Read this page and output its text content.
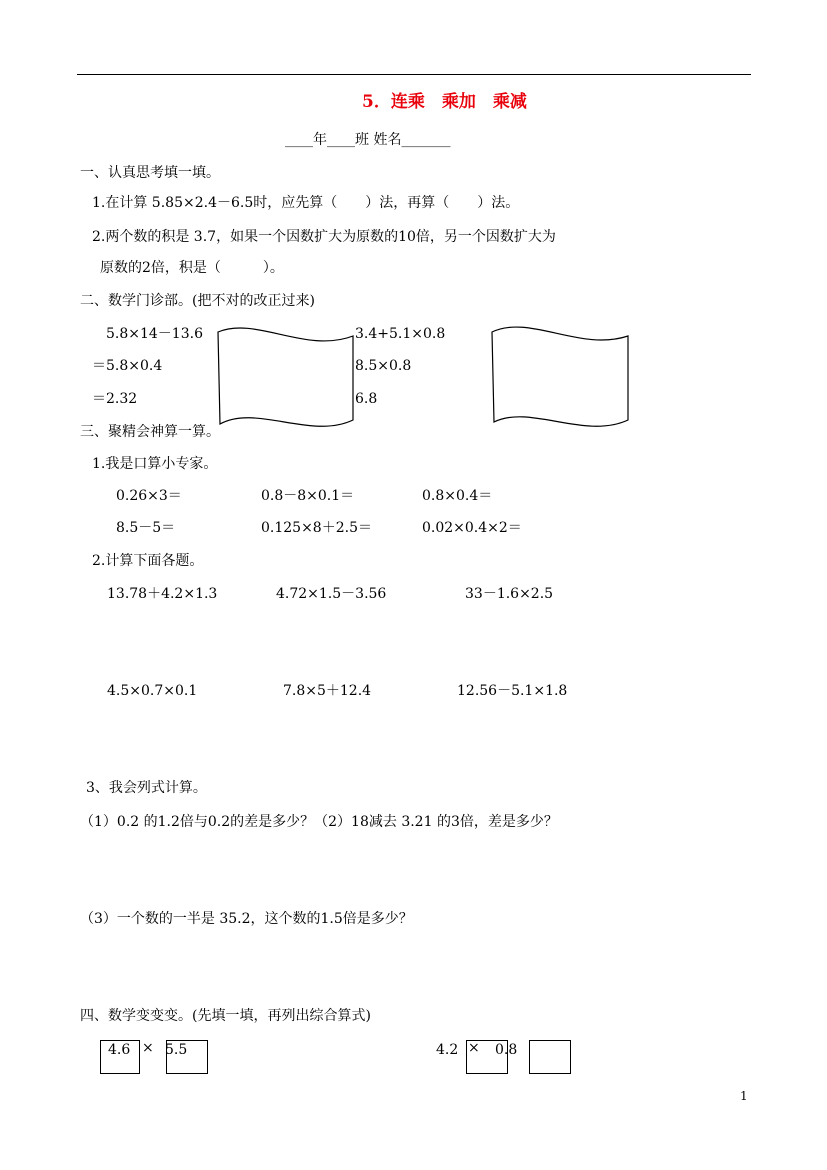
5．连乘　乘加　乘减
____年____班 姓名_______
一、认真思考填一填。
1.在计算 5.85×2.4－6.5时，应先算（　　）法，再算（　　）法。
2.两个数的积是 3.7，如果一个因数扩大为原数的10倍，另一个因数扩大为
原数的2倍，积是（　　　）。
二、数学门诊部。(把不对的改正过来)
5.8×14－13.6
＝5.8×0.4
＝2.32
3.4+5.1×0.8
8.5×0.8
6.8
三、聚精会神算一算。
1.我是口算小专家。
0.26×3＝	0.8－8×0.1＝	0.8×0.4＝
8.5－5＝	0.125×8＋2.5＝	0.02×0.4×2＝
2.计算下面各题。
13.78＋4.2×1.3	4.72×1.5－3.56	33－1.6×2.5
4.5×0.7×0.1	7.8×5＋12.4	12.56－5.1×1.8
3、我会列式计算。
（1）0.2 的1.2倍与0.2的差是多少？（2）18减去 3.21 的3倍，差是多少？
（3）一个数的一半是 35.2，这个数的1.5倍是多少？
四、数学变变变。(先填一填，再列出综合算式)
4.6 × 5.5	4.2 × 0.8
1
